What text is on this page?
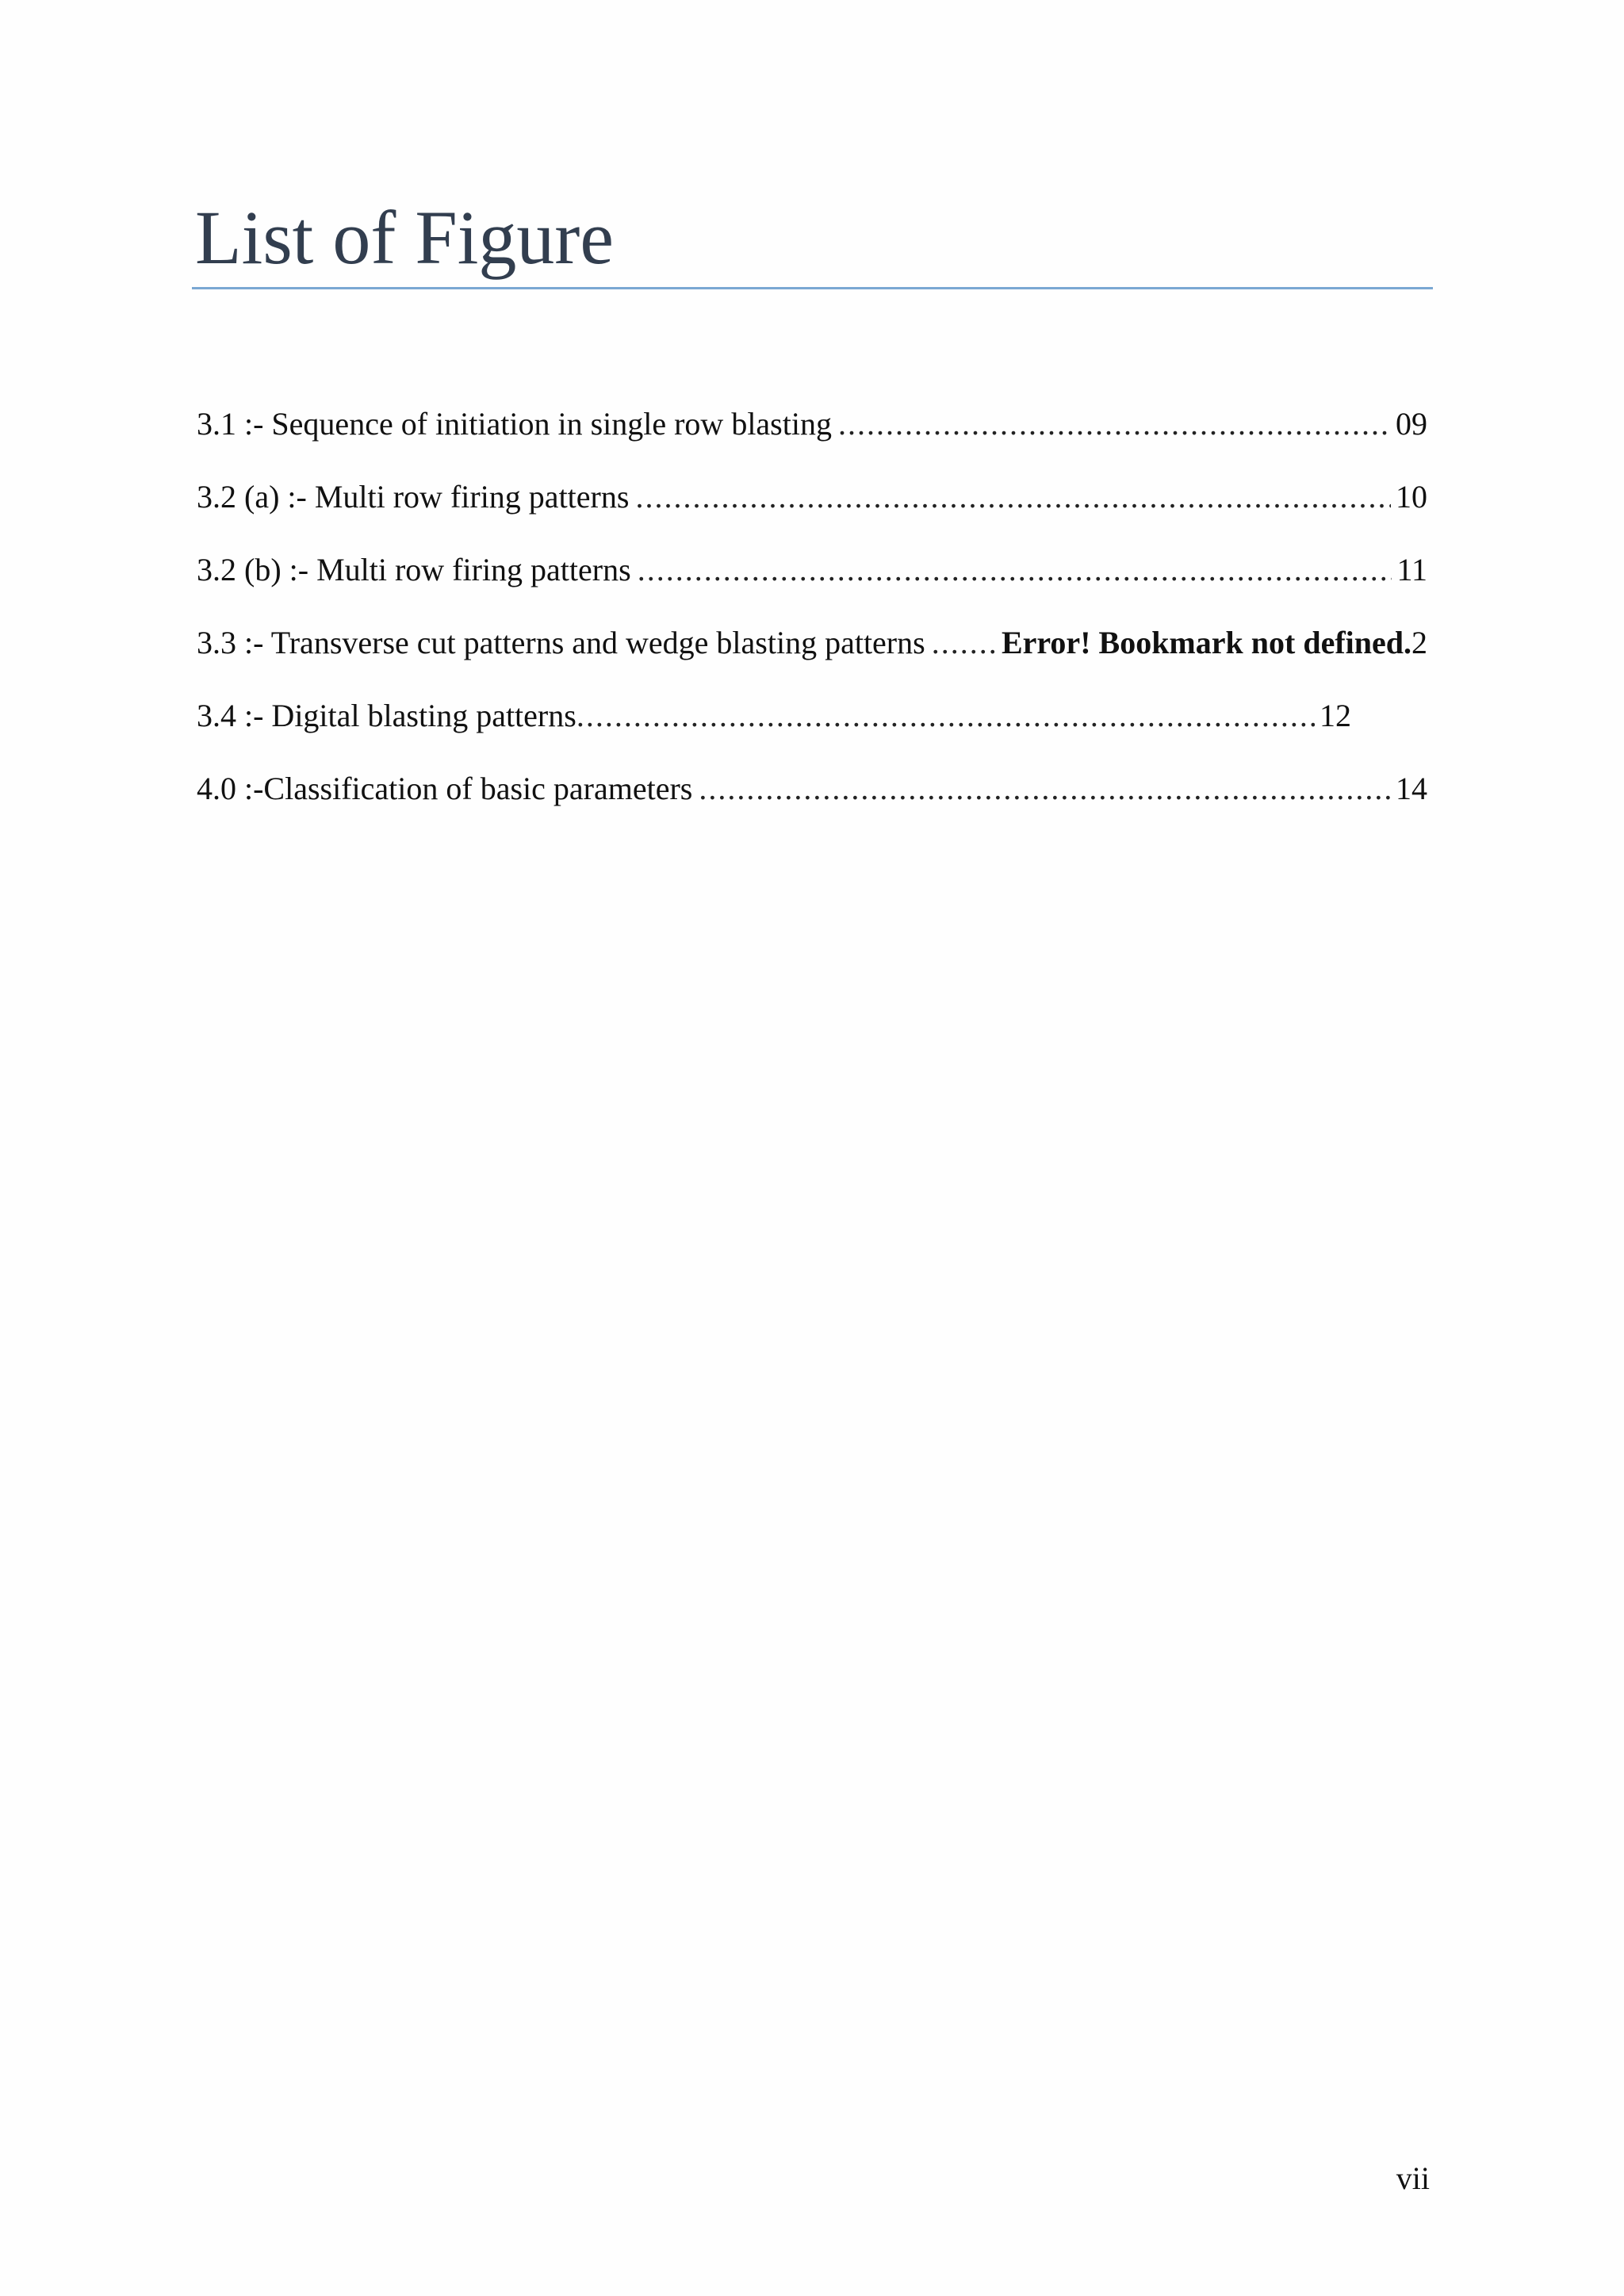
List of Figure
3.1 :- Sequence of initiation in single row blasting .....	09
3.2 (a) :- Multi row firing patterns .....	10
3.2 (b) :- Multi row firing patterns .....	11
3.3 :- Transverse cut patterns and wedge blasting patterns ..... Error! Bookmark not defined. 2
3.4 :- Digital blasting patterns .....	12
4.0 :-Classification of basic parameters .....	14
vii
